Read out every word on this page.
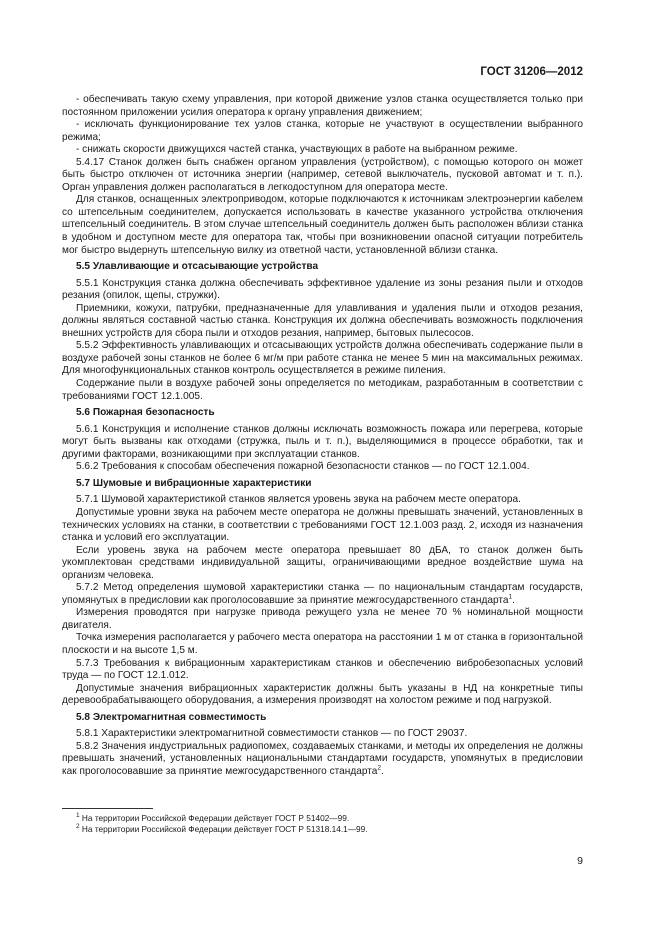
ГОСТ 31206—2012

- обеспечивать такую схему управления, при которой движение узлов станка осуществляется только при постоянном приложении усилия оператора к органу управления движением;

- исключать функционирование тех узлов станка, которые не участвуют в осуществлении выбранного режима;

- снижать скорости движущихся частей станка, участвующих в работе на выбранном режиме.

5.4.17 Станок должен быть снабжен органом управления (устройством), с помощью которого он может быть быстро отключен от источника энергии (например, сетевой выключатель, пусковой автомат и т. п.). Орган управления должен располагаться в легкодоступном для оператора месте.

Для станков, оснащенных электроприводом, которые подключаются к источникам электроэнергии кабелем со штепсельным соединителем, допускается использовать в качестве указанного устройства отключения штепсельный соединитель. В этом случае штепсельный соединитель должен быть расположен вблизи станка в удобном и доступном месте для оператора так, чтобы при возникновении опасной ситуации потребитель мог быстро выдернуть штепсельную вилку из ответной части, установленной вблизи станка.

5.5 Улавливающие и отсасывающие устройства

5.5.1 Конструкция станка должна обеспечивать эффективное удаление из зоны резания пыли и отходов резания (опилок, щепы, стружки).

Приемники, кожухи, патрубки, предназначенные для улавливания и удаления пыли и отходов резания, должны являться составной частью станка. Конструкция их должна обеспечивать возможность подключения внешних устройств для сбора пыли и отходов резания, например, бытовых пылесосов.

5.5.2 Эффективность улавливающих и отсасывающих устройств должна обеспечивать содержание пыли в воздухе рабочей зоны станков не более 6 мг/м при работе станка не менее 5 мин на максимальных режимах. Для многофункциональных станков контроль осуществляется в режиме пиления.

Содержание пыли в воздухе рабочей зоны определяется по методикам, разработанным в соответствии с требованиями ГОСТ 12.1.005.

5.6 Пожарная безопасность

5.6.1 Конструкция и исполнение станков должны исключать возможность пожара или перегрева, которые могут быть вызваны как отходами (стружка, пыль и т. п.), выделяющимися в процессе обработки, так и другими факторами, возникающими при эксплуатации станков.

5.6.2 Требования к способам обеспечения пожарной безопасности станков — по ГОСТ 12.1.004.

5.7 Шумовые и вибрационные характеристики

5.7.1 Шумовой характеристикой станков является уровень звука на рабочем месте оператора.

Допустимые уровни звука на рабочем месте оператора не должны превышать значений, установленных в технических условиях на станки, в соответствии с требованиями ГОСТ 12.1.003 разд. 2, исходя из назначения станка и условий его эксплуатации.

Если уровень звука на рабочем месте оператора превышает 80 дБА, то станок должен быть укомплектован средствами индивидуальной защиты, ограничивающими вредное воздействие шума на организм человека.

5.7.2 Метод определения шумовой характеристики станка — по национальным стандартам государств, упомянутых в предисловии как проголосовавшие за принятие межгосударственного стандарта$^1$.

Измерения проводятся при нагрузке привода режущего узла не менее 70 % номинальной мощности двигателя.

Точка измерения располагается у рабочего места оператора на расстоянии 1 м от станка в горизонтальной плоскости и на высоте 1,5 м.

5.7.3 Требования к вибрационным характеристикам станков и обеспечению вибробезопасных условий труда — по ГОСТ 12.1.012.

Допустимые значения вибрационных характеристик должны быть указаны в НД на конкретные типы деревообрабатывающего оборудования, а измерения производят на холостом режиме и под нагрузкой.

5.8 Электромагнитная совместимость

5.8.1 Характеристики электромагнитной совместимости станков — по ГОСТ 29037.

5.8.2 Значения индустриальных радиопомех, создаваемых станками, и методы их определения не должны превышать значений, установленных национальными стандартами государств, упомянутых в предисловии как проголосовавшие за принятие межгосударственного стандарта$^2$.

$^1$ На территории Российской Федерации действует ГОСТ Р 51402—99.

$^2$ На территории Российской Федерации действует ГОСТ Р 51318.14.1—99.

9
